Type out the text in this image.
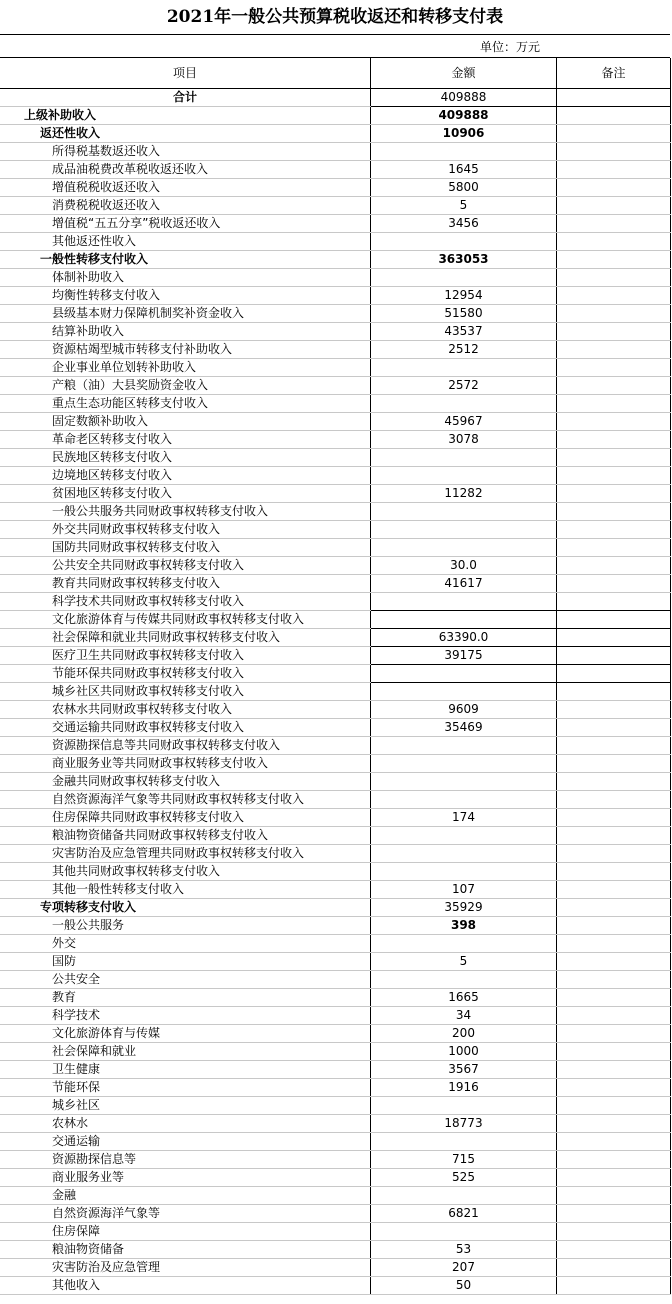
2021年一般公共预算税收返还和转移支付表
单位：万元
项目	金额	备注
合计	409888	
上级补助收入	409888	
返还性收入	10906	
所得税基数返还收入		
成品油税费改革税收返还收入	1645	
增值税税收返还收入	5800	
消费税税收返还收入	5	
增值税“五五分享”税收返还收入	3456	
其他返还性收入		
一般性转移支付收入	363053	
体制补助收入		
均衡性转移支付收入	12954	
县级基本财力保障机制奖补资金收入	51580	
结算补助收入	43537	
资源枯竭型城市转移支付补助收入	2512	
企业事业单位划转补助收入		
产粮（油）大县奖励资金收入	2572	
重点生态功能区转移支付收入		
固定数额补助收入	45967	
革命老区转移支付收入	3078	
民族地区转移支付收入		
边境地区转移支付收入		
贫困地区转移支付收入	11282	
一般公共服务共同财政事权转移支付收入		
外交共同财政事权转移支付收入		
国防共同财政事权转移支付收入		
公共安全共同财政事权转移支付收入	30.0	
教育共同财政事权转移支付收入	41617	
科学技术共同财政事权转移支付收入		
文化旅游体育与传媒共同财政事权转移支付收入		
社会保障和就业共同财政事权转移支付收入	63390.0	
医疗卫生共同财政事权转移支付收入	39175	
节能环保共同财政事权转移支付收入		
城乡社区共同财政事权转移支付收入		
农林水共同财政事权转移支付收入	9609	
交通运输共同财政事权转移支付收入	35469	
资源勘探信息等共同财政事权转移支付收入		
商业服务业等共同财政事权转移支付收入		
金融共同财政事权转移支付收入		
自然资源海洋气象等共同财政事权转移支付收入		
住房保障共同财政事权转移支付收入	174	
粮油物资储备共同财政事权转移支付收入		
灾害防治及应急管理共同财政事权转移支付收入		
其他共同财政事权转移支付收入		
其他一般性转移支付收入	107	
专项转移支付收入	35929	
一般公共服务	398	
外交		
国防	5	
公共安全		
教育	1665	
科学技术	34	
文化旅游体育与传媒	200	
社会保障和就业	1000	
卫生健康	3567	
节能环保	1916	
城乡社区		
农林水	18773	
交通运输		
资源勘探信息等	715	
商业服务业等	525	
金融		
自然资源海洋气象等	6821	
住房保障		
粮油物资储备	53	
灾害防治及应急管理	207	
其他收入	50	
